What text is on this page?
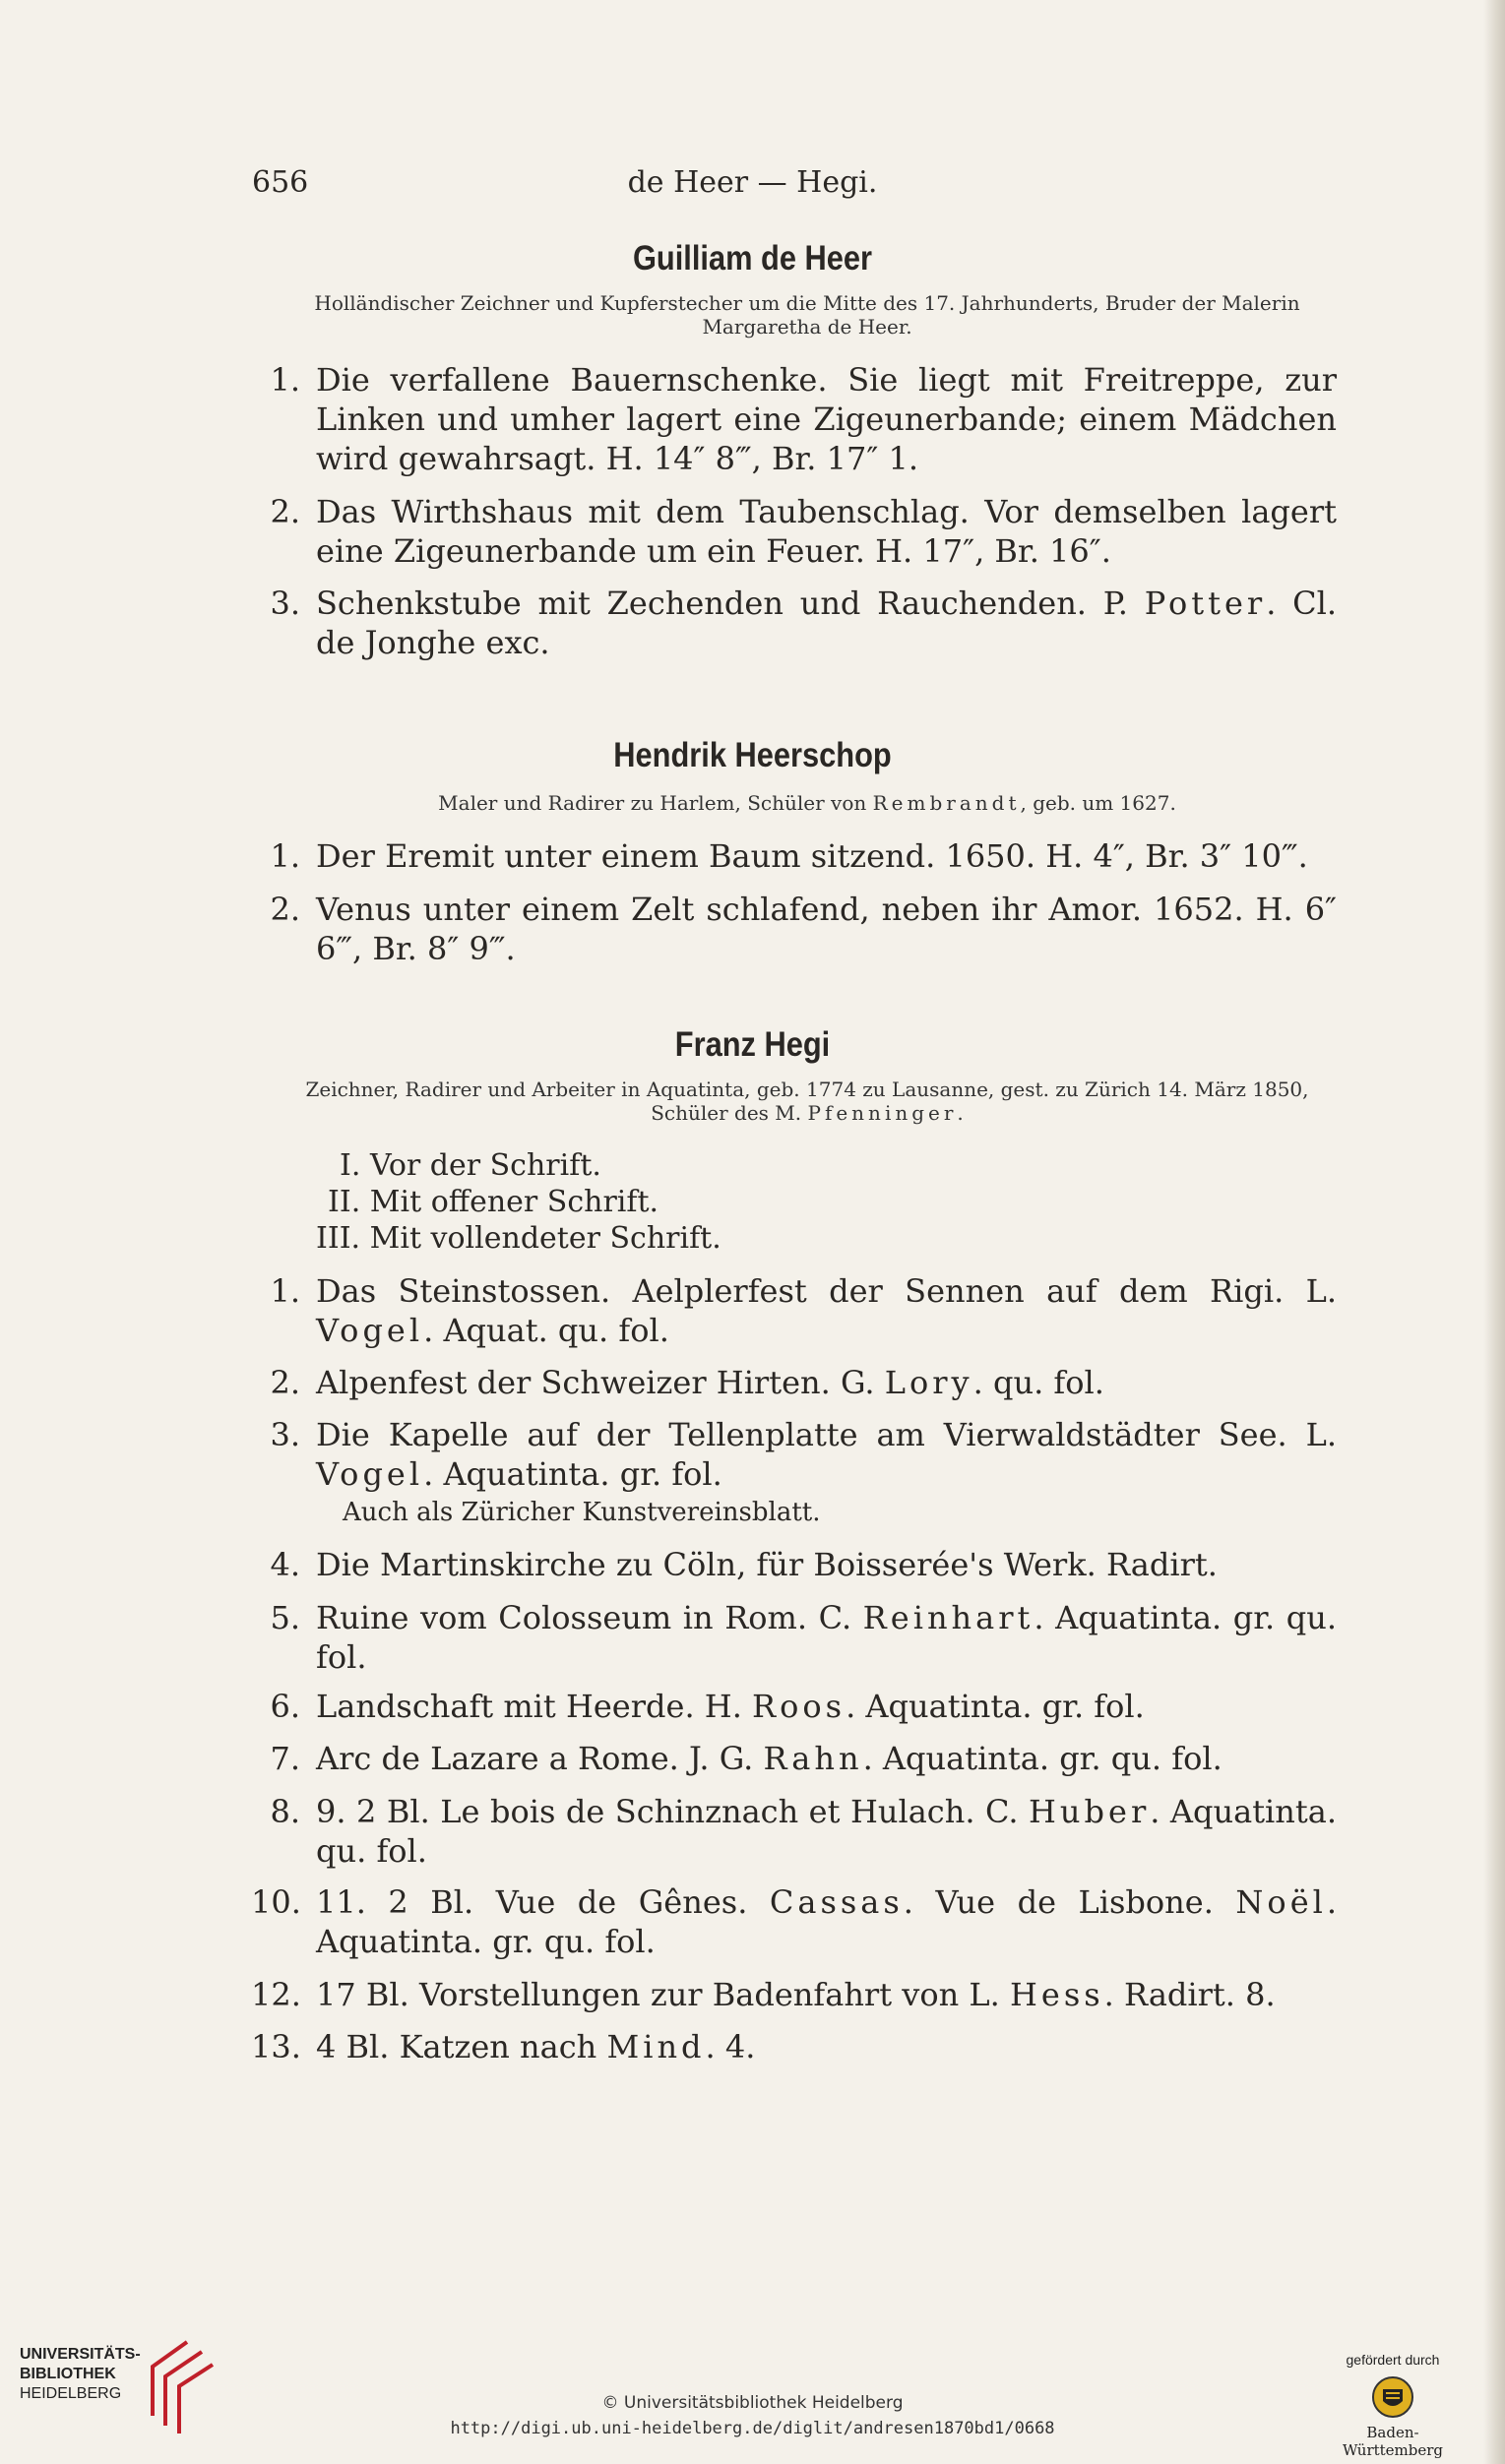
656	de Heer — Hegi.
Guilliam de Heer
Holländischer Zeichner und Kupferstecher um die Mitte des 17. Jahrhunderts, Bruder der Malerin Margaretha de Heer.
1. Die verfallene Bauernschenke. Sie liegt mit Freitreppe, zur Linken und umher lagert eine Zigeunerbande; einem Mädchen wird gewahrsagt. H. 14″ 8‴, Br. 17″ 1.
2. Das Wirthshaus mit dem Taubenschlag. Vor demselben lagert eine Zigeunerbande um ein Feuer. H. 17″, Br. 16″.
3. Schenkstube mit Zechenden und Rauchenden. P. Potter. Cl. de Jonghe exc.
Hendrik Heerschop
Maler und Radirer zu Harlem, Schüler von Rembrandt, geb. um 1627.
1. Der Eremit unter einem Baum sitzend. 1650. H. 4″, Br. 3″ 10‴.
2. Venus unter einem Zelt schlafend, neben ihr Amor. 1652. H. 6″ 6‴, Br. 8″ 9‴.
Franz Hegi
Zeichner, Radirer und Arbeiter in Aquatinta, geb. 1774 zu Lausanne, gest. zu Zürich 14. März 1850, Schüler des M. Pfenninger.
I. Vor der Schrift.
II. Mit offener Schrift.
III. Mit vollendeter Schrift.
1. Das Steinstossen. Aelplerfest der Sennen auf dem Rigi. L. Vogel. Aquat. qu. fol.
2. Alpenfest der Schweizer Hirten. G. Lory. qu. fol.
3. Die Kapelle auf der Tellenplatte am Vierwaldstädter See. L. Vogel. Aquatinta. gr. fol.
Auch als Züricher Kunstvereinsblatt.
4. Die Martinskirche zu Cöln, für Boisserée's Werk. Radirt.
5. Ruine vom Colosseum in Rom. C. Reinhart. Aquatinta. gr. qu. fol.
6. Landschaft mit Heerde. H. Roos. Aquatinta. gr. fol.
7. Arc de Lazare a Rome. J. G. Rahn. Aquatinta. gr. qu. fol.
8. 9. 2 Bl. Le bois de Schinznach et Hulach. C. Huber. Aquatinta. qu. fol.
10. 11. 2 Bl. Vue de Gênes. Cassas. Vue de Lisbone. Noël. Aquatinta. gr. qu. fol.
12. 17 Bl. Vorstellungen zur Badenfahrt von L. Hess. Radirt. 8.
13. 4 Bl. Katzen nach Mind. 4.
UNIVERSITÄTS-
BIBLIOTHEK
HEIDELBERG	© Universitätsbibliothek Heidelberg
http://digi.ub.uni-heidelberg.de/diglit/andresen1870bd1/0668
gefördert durch
Baden-Württemberg
